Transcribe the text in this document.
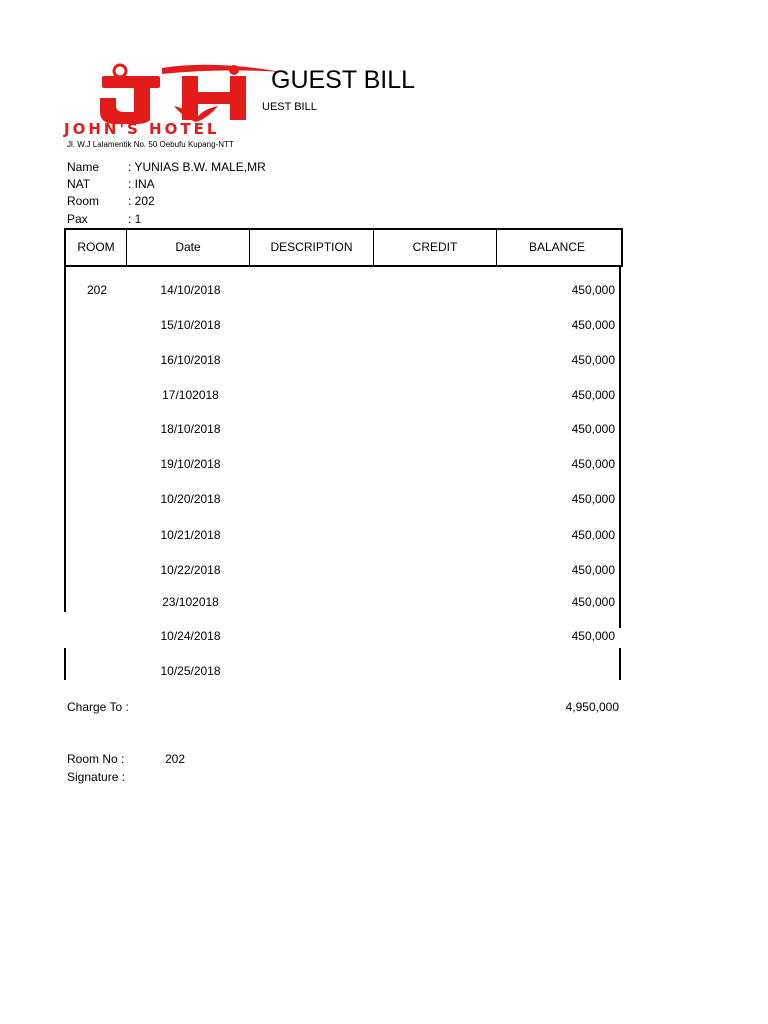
JOHN'S HOTEL
GUEST BILL
UEST BILL
Jl. W.J Lalamentik No. 50 Oebufu Kupang-NTT
Name : YUNIAS B.W. MALE,MR
NAT	: INA
Room : 202
Pax	: 1
ROOM	Date	DESCRIPTION	CREDIT	BALANCE
202	14/10/2018	450,000
15/10/2018	450,000
16/10/2018	450,000
17/102018	450,000
18/10/2018	450,000
19/10/2018	450,000
10/20/2018	450,000
10/21/2018	450,000
10/22/2018	450,000
23/102018	450,000
10/24/2018	450,000
10/25/2018
Charge To :	4,950,000
Room No :	202
Signature :
